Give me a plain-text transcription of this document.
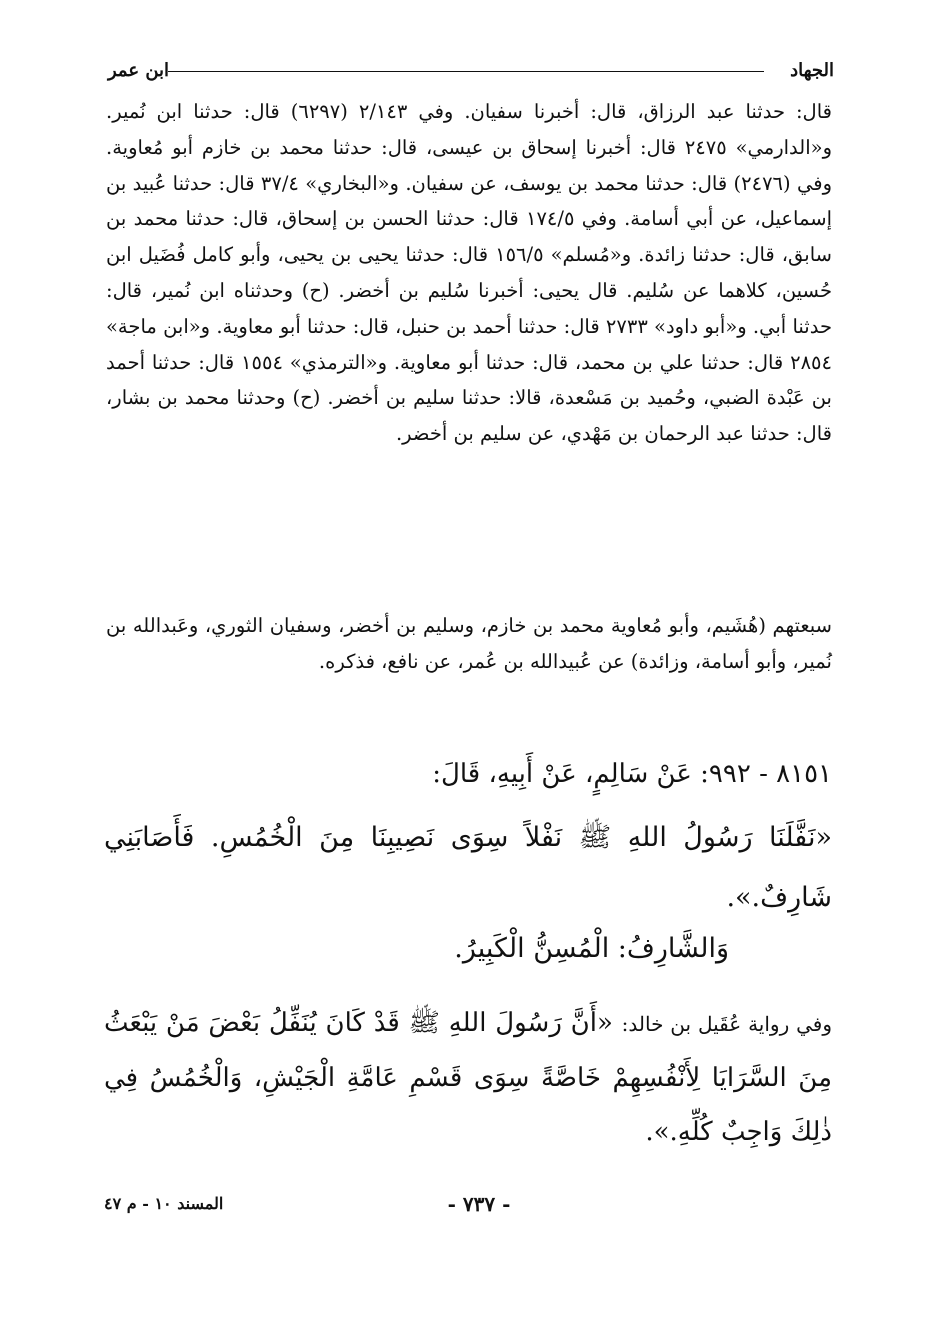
الجهاد
ابن عمر
قال: حدثنا عبد الرزاق، قال: أخبرنا سفيان. وفي ٢/١٤٣ (٦٢٩٧) قال: حدثنا ابن نُمير. و«الدارمي» ٢٤٧٥ قال: أخبرنا إسحاق بن عيسى، قال: حدثنا محمد بن خازم أبو مُعاوية. وفي (٢٤٧٦) قال: حدثنا محمد بن يوسف، عن سفيان. و«البخاري» ٣٧/٤ قال: حدثنا عُبيد بن إسماعيل، عن أبي أسامة. وفي ١٧٤/٥ قال: حدثنا الحسن بن إسحاق، قال: حدثنا محمد بن سابق، قال: حدثنا زائدة. و«مُسلم» ١٥٦/٥ قال: حدثنا يحيى بن يحيى، وأبو كامل فُضَيل ابن حُسين، كلاهما عن سُليم. قال يحيى: أخبرنا سُليم بن أخضر. (ح) وحدثناه ابن نُمير، قال: حدثنا أبي. و«أبو داود» ٢٧٣٣ قال: حدثنا أحمد بن حنبل، قال: حدثنا أبو معاوية. و«ابن ماجة» ٢٨٥٤ قال: حدثنا علي بن محمد، قال: حدثنا أبو معاوية. و«الترمذي» ١٥٥٤ قال: حدثنا أحمد بن عَبْدة الضبي، وحُميد بن مَسْعدة، قالا: حدثنا سليم بن أخضر. (ح) وحدثنا محمد بن بشار، قال: حدثنا عبد الرحمان بن مَهْدي، عن سليم بن أخضر.
سبعتهم (هُشَيم، وأبو مُعاوية محمد بن خازم، وسليم بن أخضر، وسفيان الثوري، وعَبدالله بن نُمير، وأبو أسامة، وزائدة) عن عُبيدالله بن عُمر، عن نافع، فذكره.
٨١٥١ - ٩٩٢: عَنْ سَالِمٍ، عَنْ أَبِيهِ، قَالَ:
«نَفَّلَنَا رَسُولُ اللهِ ﷺ نَفْلاً سِوَى نَصِيبِنَا مِنَ الْخُمُسِ. فَأَصَابَنِي شَارِفٌ.».
وَالشَّارِفُ: الْمُسِنُّ الْكَبِيرُ.
وفي رواية عُقَيل بن خالد: «أَنَّ رَسُولَ اللهِ ﷺ قَدْ كَانَ يُنَفِّلُ بَعْضَ مَنْ يَبْعَثُ مِنَ السَّرَايَا لِأَنْفُسِهِمْ خَاصَّةً سِوَى قَسْمِ عَامَّةِ الْجَيْشِ، وَالْخُمُسُ فِي ذٰلِكَ وَاجِبٌ كُلِّهِ.».
- ٧٣٧ -
المسند ١٠ - م ٤٧
